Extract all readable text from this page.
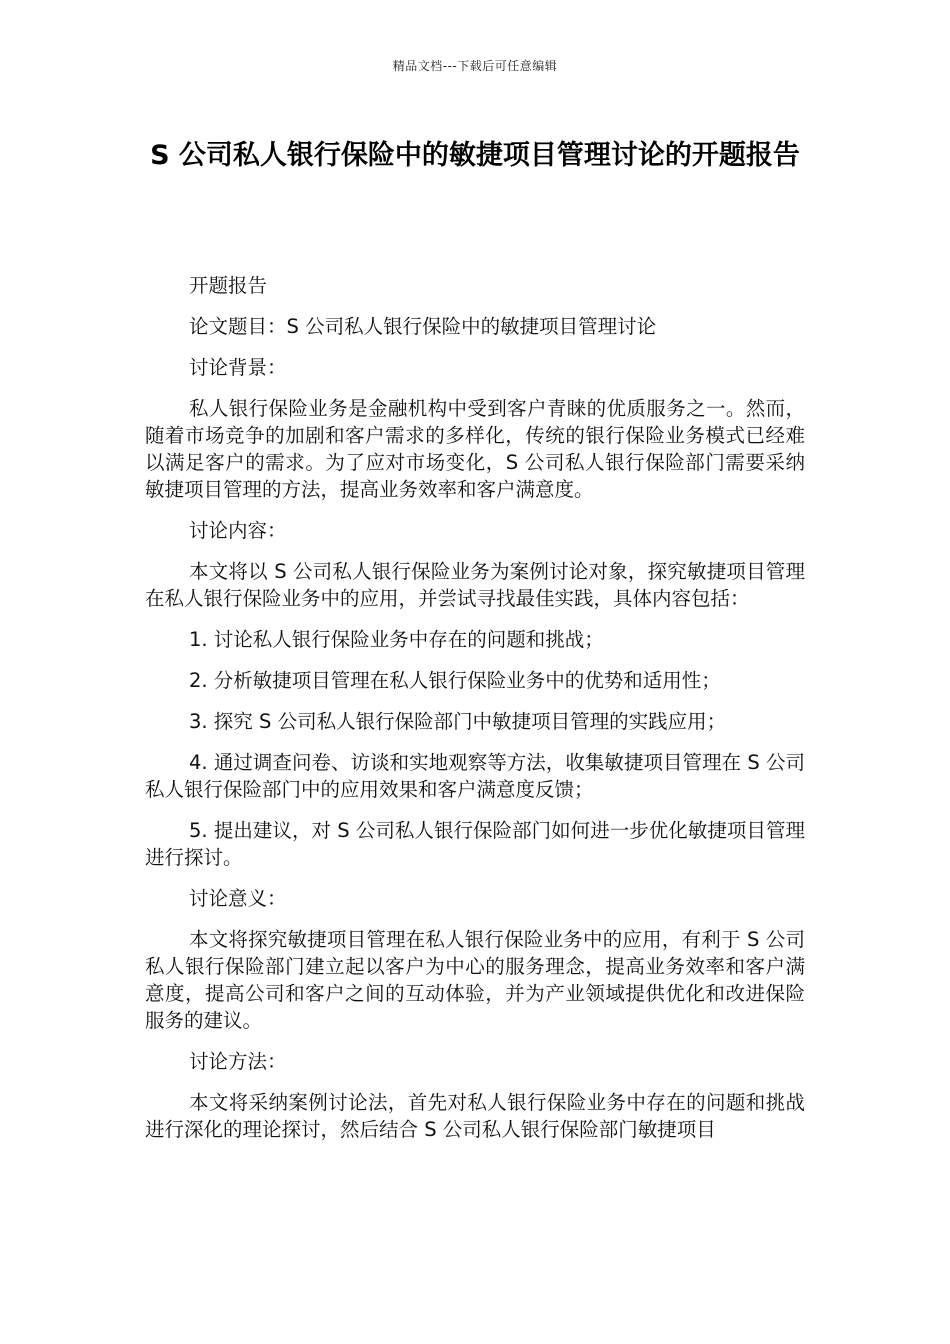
精品文档---下载后可任意编辑
S 公司私人银行保险中的敏捷项目管理讨论的开题报告

开题报告

论文题目：S 公司私人银行保险中的敏捷项目管理讨论

讨论背景：

私人银行保险业务是金融机构中受到客户青睐的优质服务之一。然而，随着市场竞争的加剧和客户需求的多样化，传统的银行保险业务模式已经难以满足客户的需求。为了应对市场变化，S 公司私人银行保险部门需要采纳敏捷项目管理的方法，提高业务效率和客户满意度。

讨论内容：

本文将以 S 公司私人银行保险业务为案例讨论对象，探究敏捷项目管理在私人银行保险业务中的应用，并尝试寻找最佳实践，具体内容包括：

1. 讨论私人银行保险业务中存在的问题和挑战；

2. 分析敏捷项目管理在私人银行保险业务中的优势和适用性；

3. 探究 S 公司私人银行保险部门中敏捷项目管理的实践应用；

4. 通过调查问卷、访谈和实地观察等方法，收集敏捷项目管理在 S 公司私人银行保险部门中的应用效果和客户满意度反馈；

5. 提出建议，对 S 公司私人银行保险部门如何进一步优化敏捷项目管理进行探讨。

讨论意义：

本文将探究敏捷项目管理在私人银行保险业务中的应用，有利于 S 公司私人银行保险部门建立起以客户为中心的服务理念，提高业务效率和客户满意度，提高公司和客户之间的互动体验，并为产业领域提供优化和改进保险服务的建议。

讨论方法：

本文将采纳案例讨论法，首先对私人银行保险业务中存在的问题和挑战进行深化的理论探讨，然后结合 S 公司私人银行保险部门敏捷项目
